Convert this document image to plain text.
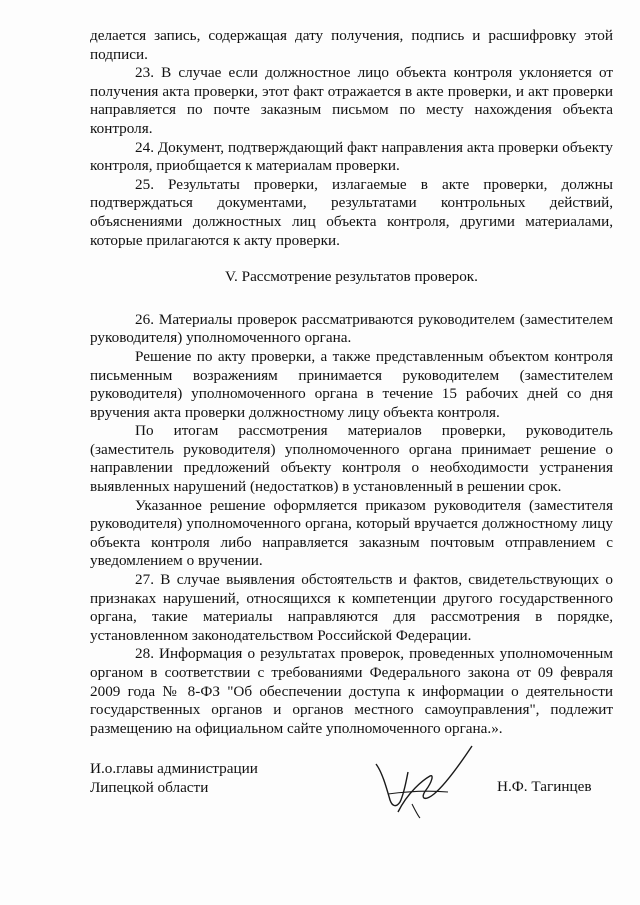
делается запись, содержащая дату получения, подпись и расшифровку этой подписи.

23. В случае если должностное лицо объекта контроля уклоняется от получения акта проверки, этот факт отражается в акте проверки, и акт проверки направляется по почте заказным письмом по месту нахождения объекта контроля.

24. Документ, подтверждающий факт направления акта проверки объекту контроля, приобщается к материалам проверки.

25. Результаты проверки, излагаемые в акте проверки, должны подтверждаться документами, результатами контрольных действий, объяснениями должностных лиц объекта контроля, другими материалами, которые прилагаются к акту проверки.

V. Рассмотрение результатов проверок.

26. Материалы проверок рассматриваются руководителем (заместителем руководителя) уполномоченного органа.

Решение по акту проверки, а также представленным объектом контроля письменным возражениям принимается руководителем (заместителем руководителя) уполномоченного органа в течение 15 рабочих дней со дня вручения акта проверки должностному лицу объекта контроля.

По итогам рассмотрения материалов проверки, руководитель (заместитель руководителя) уполномоченного органа принимает решение о направлении предложений объекту контроля о необходимости устранения выявленных нарушений (недостатков) в установленный в решении срок.

Указанное решение оформляется приказом руководителя (заместителя руководителя) уполномоченного органа, который вручается должностному лицу объекта контроля либо направляется заказным почтовым отправлением с уведомлением о вручении.

27. В случае выявления обстоятельств и фактов, свидетельствующих о признаках нарушений, относящихся к компетенции другого государственного органа, такие материалы направляются для рассмотрения в порядке, установленном законодательством Российской Федерации.

28. Информация о результатах проверок, проведенных уполномоченным органом в соответствии с требованиями Федерального закона от 09 февраля 2009 года № 8-ФЗ "Об обеспечении доступа к информации о деятельности государственных органов и органов местного самоуправления", подлежит размещению на официальном сайте уполномоченного органа.».

И.о.главы администрации
Липецкой области	Н.Ф. Тагинцев
